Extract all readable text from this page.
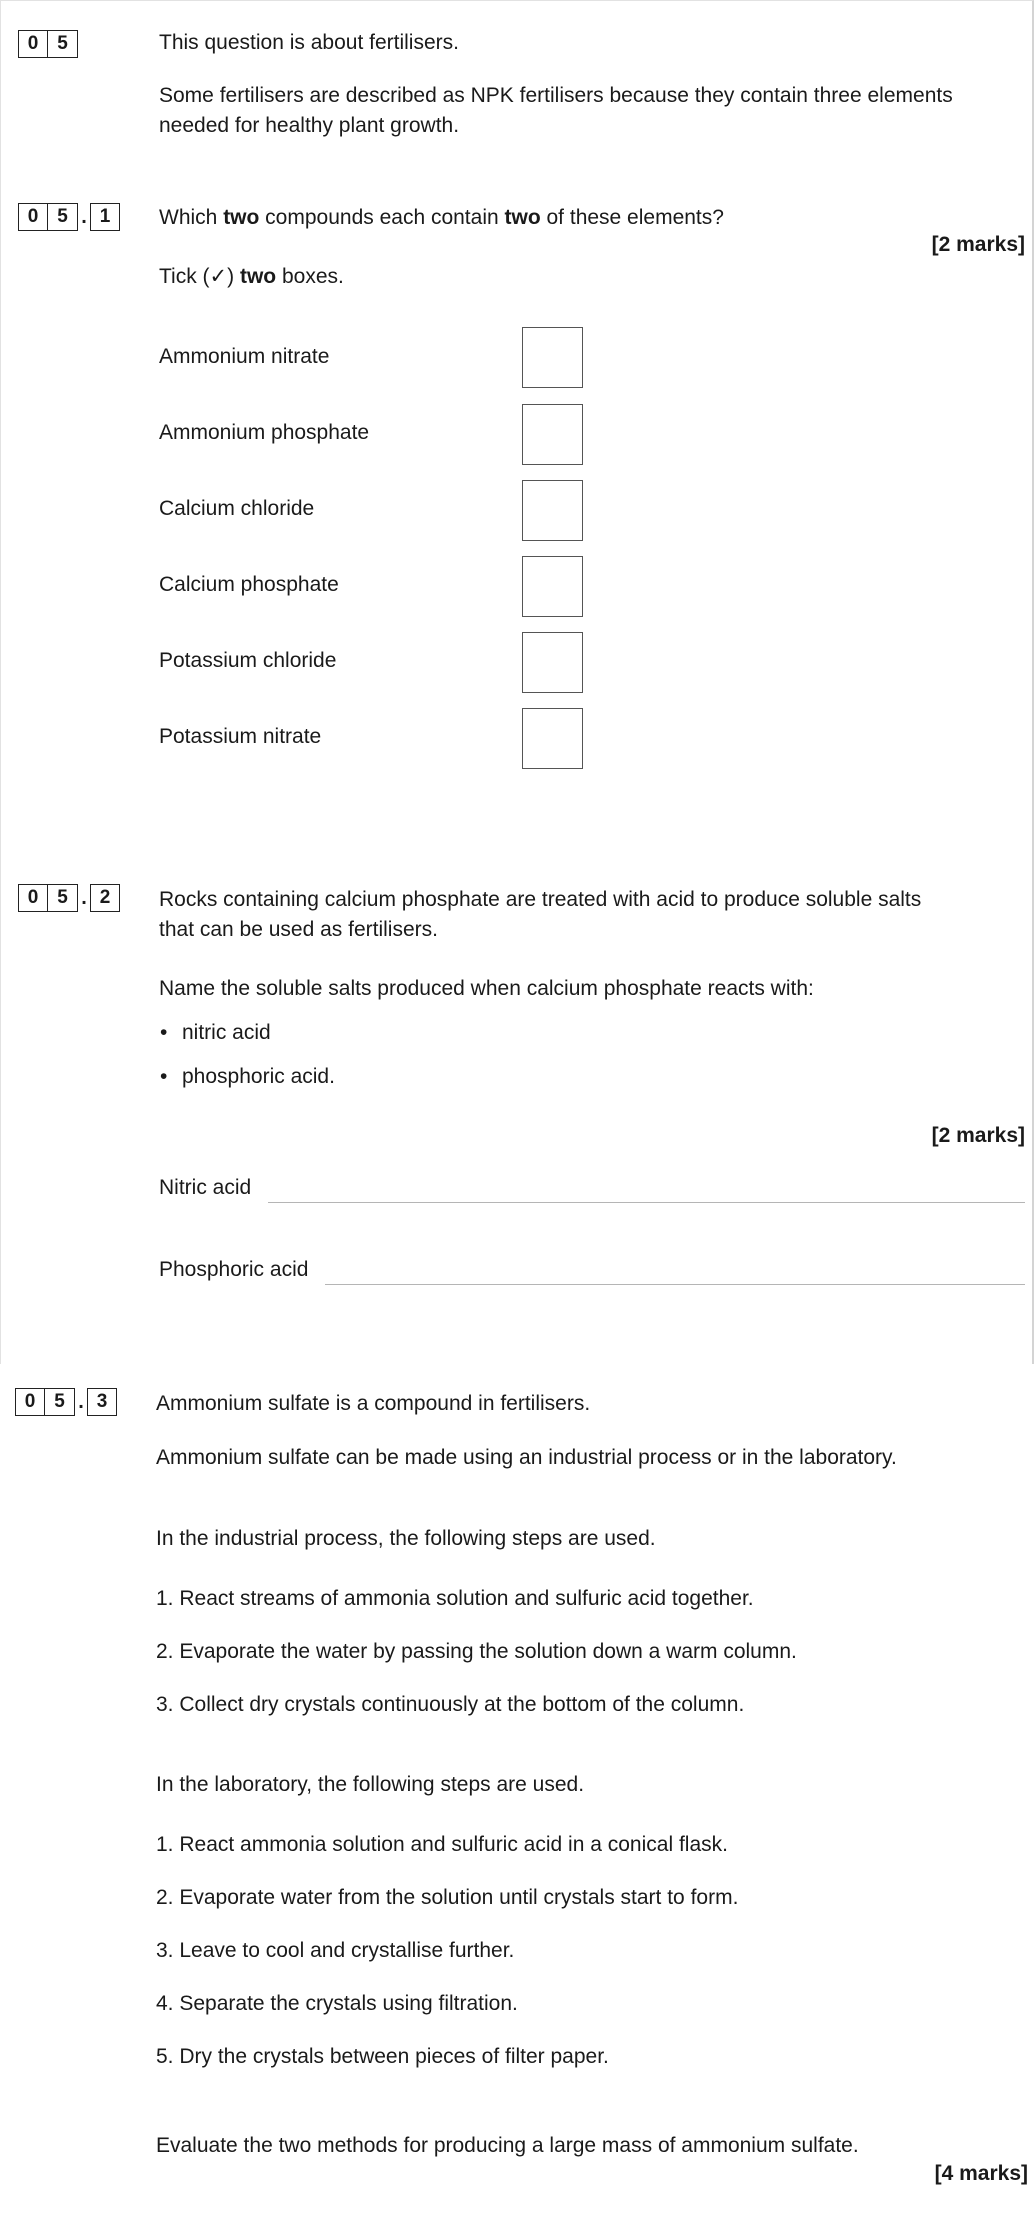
0 5	This question is about fertilisers.
Some fertilisers are described as NPK fertilisers because they contain three elements
needed for healthy plant growth.
0 5 . 1	Which two compounds each contain two of these elements?
[2 marks]
Tick (✓) two boxes.
Ammonium nitrate
Ammonium phosphate
Calcium chloride
Calcium phosphate
Potassium chloride
Potassium nitrate
0 5 . 2	Rocks containing calcium phosphate are treated with acid to produce soluble salts
that can be used as fertilisers.
Name the soluble salts produced when calcium phosphate reacts with:
• nitric acid
• phosphoric acid.
[2 marks]
Nitric acid
Phosphoric acid
0 5 . 3	Ammonium sulfate is a compound in fertilisers.
Ammonium sulfate can be made using an industrial process or in the laboratory.
In the industrial process, the following steps are used.
1. React streams of ammonia solution and sulfuric acid together.
2. Evaporate the water by passing the solution down a warm column.
3. Collect dry crystals continuously at the bottom of the column.
In the laboratory, the following steps are used.
1. React ammonia solution and sulfuric acid in a conical flask.
2. Evaporate water from the solution until crystals start to form.
3. Leave to cool and crystallise further.
4. Separate the crystals using filtration.
5. Dry the crystals between pieces of filter paper.
Evaluate the two methods for producing a large mass of ammonium sulfate.
[4 marks]
